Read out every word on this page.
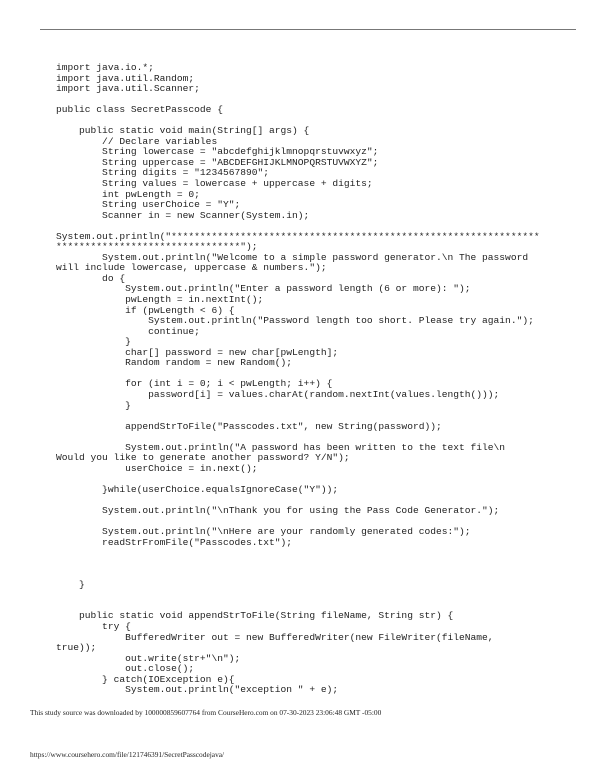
import java.io.*;
import java.util.Random;
import java.util.Scanner;
public class SecretPasscode {
public static void main(String[] args) {
// Declare variables
String lowercase = "abcdefghijklmnopqrstuvwxyz";
String uppercase = "ABCDEFGHIJKLMNOPQRSTUVWXYZ";
String digits = "1234567890";
String values = lowercase + uppercase + digits;
int pwLength = 0;
String userChoice = "Y";
Scanner in = new Scanner(System.in);
System.out.println("****************************************************************
********************************");
System.out.println("Welcome to a simple password generator.\n The password
will include lowercase, uppercase & numbers.");
do {
System.out.println("Enter a password length (6 or more): ");
pwLength = in.nextInt();
if (pwLength < 6) {
System.out.println("Password length too short. Please try again.");
continue;
}
char[] password = new char[pwLength];
Random random = new Random();
for (int i = 0; i < pwLength; i++) {
password[i] = values.charAt(random.nextInt(values.length()));
}
appendStrToFile("Passcodes.txt", new String(password));
System.out.println("A password has been written to the text file\n
Would you like to generate another password? Y/N");
userChoice = in.next();
}while(userChoice.equalsIgnoreCase("Y"));
System.out.println("\nThank you for using the Pass Code Generator.");
System.out.println("\nHere are your randomly generated codes:");
readStrFromFile("Passcodes.txt");
}
public static void appendStrToFile(String fileName, String str) {
try {
BufferedWriter out = new BufferedWriter(new FileWriter(fileName,
true));
out.write(str+"\n");
out.close();
} catch(IOException e){
System.out.println("exception " + e);
This study source was downloaded by 100000859607764 from CourseHero.com on 07-30-2023 23:06:48 GMT -05:00
https://www.coursehero.com/file/121746391/SecretPasscodejava/
